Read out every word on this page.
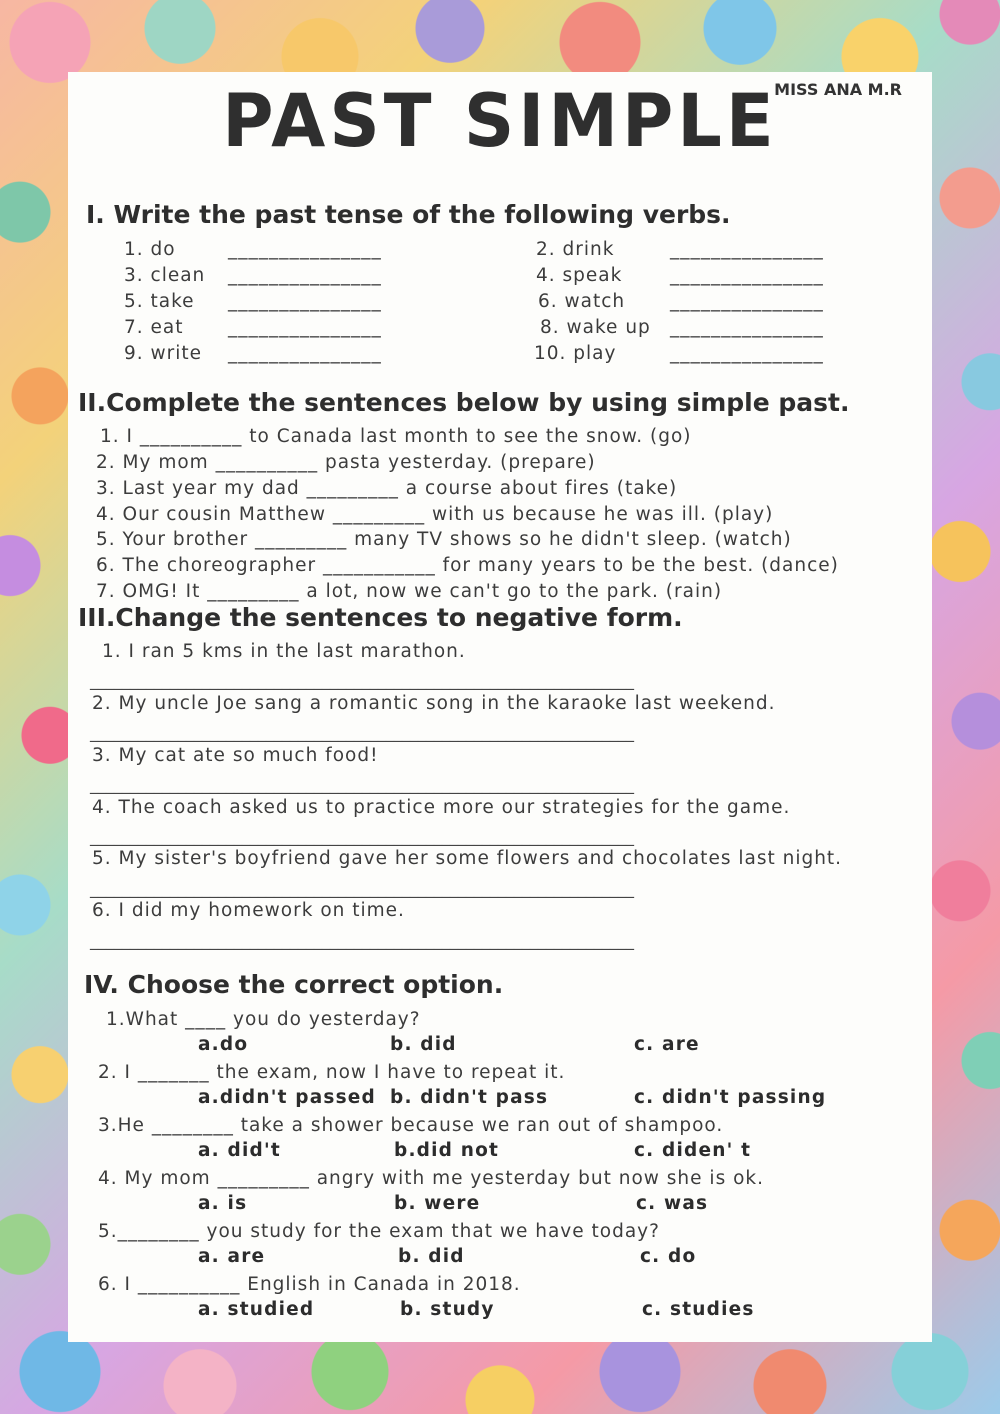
PAST SIMPLE
MISS ANA M.R
I. Write the past tense of the following verbs.
1. do	_______________	2. drink	_______________
3. clean _______________	4. speak	_______________
5. take _______________	6. watch _______________
7. eat _______________	8. wake up _______________
9. write _______________	10. play	_______________
II.Complete the sentences below by using simple past.
1. I __________ to Canada last month to see the snow. (go)
2. My mom __________ pasta yesterday. (prepare)
3. Last year my dad _________ a course about fires (take)
4. Our cousin Matthew _________ with us because he was ill. (play)
5. Your brother _________ many TV shows so he didn't sleep. (watch)
6. The choreographer ___________ for many years to be the best. (dance)
7. OMG! It _________ a lot, now we can't go to the park. (rain)
III.Change the sentences to negative form.
1. I ran 5 kms in the last marathon.
____________________________________________________________________
2. My uncle Joe sang a romantic song in the karaoke last weekend.
____________________________________________________________________
3. My cat ate so much food!
____________________________________________________________________
4. The coach asked us to practice more our strategies for the game.
____________________________________________________________________
5. My sister's boyfriend gave her some flowers and chocolates last night.
____________________________________________________________________
6. I did my homework on time.
____________________________________________________________________
IV. Choose the correct option.
1.What ____ you do yesterday?
a.do	b. did	c. are
2. I _______ the exam, now I have to repeat it.
a.didn't passed b. didn't pass	c. didn't passing
3.He ________ take a shower because we ran out of shampoo.
a. did't	b.did not	c. diden' t
4. My mom _________ angry with me yesterday but now she is ok.
a. is	b. were	c. was
5.________ you study for the exam that we have today?
a. are	b. did	c. do
6. I __________ English in Canada in 2018.
a. studied	b. study	c. studies
